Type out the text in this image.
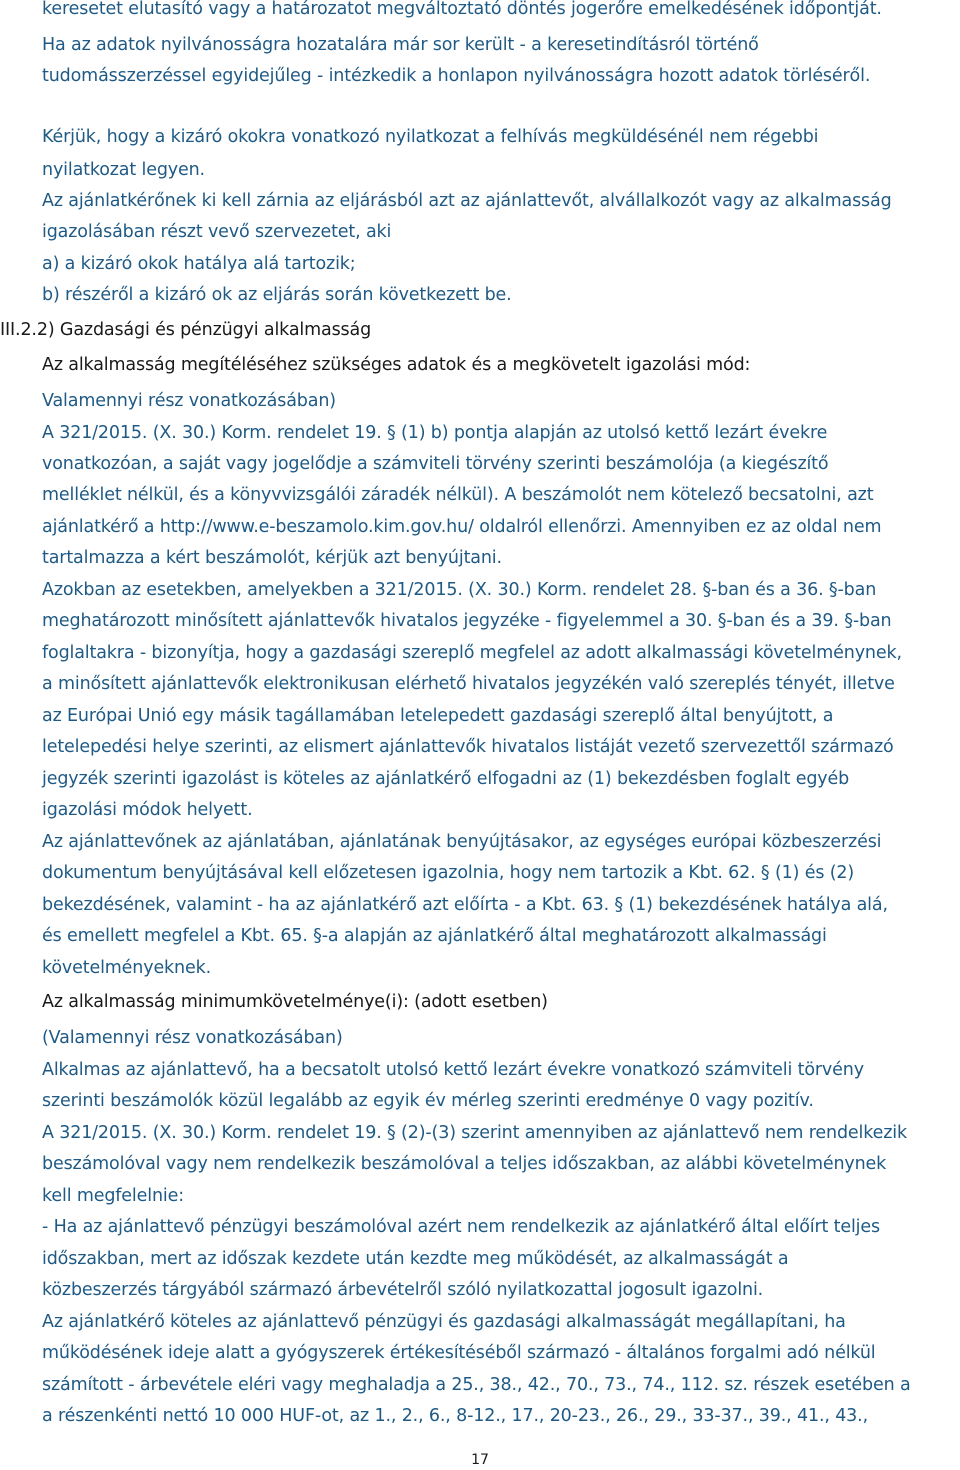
keresetet elutasító vagy a határozatot megváltoztató döntés jogerőre emelkedésének időpontját.
Ha az adatok nyilvánosságra hozatalára már sor került - a keresetindításról történő
tudomásszerzéssel egyidejűleg - intézkedik a honlapon nyilvánosságra hozott adatok törléséről.
Kérjük, hogy a kizáró okokra vonatkozó nyilatkozat a felhívás megküldésénél nem régebbi
nyilatkozat legyen.
Az ajánlatkérőnek ki kell zárnia az eljárásból azt az ajánlattevőt, alvállalkozót vagy az alkalmasság
igazolásában részt vevő szervezetet, aki
a) a kizáró okok hatálya alá tartozik;
b) részéről a kizáró ok az eljárás során következett be.
III.2.2) Gazdasági és pénzügyi alkalmasság
Az alkalmasság megítéléséhez szükséges adatok és a megkövetelt igazolási mód:
Valamennyi rész vonatkozásában)
A 321/2015. (X. 30.) Korm. rendelet 19. § (1) b) pontja alapján az utolsó kettő lezárt évekre
vonatkozóan, a saját vagy jogelődje a számviteli törvény szerinti beszámolója (a kiegészítő
melléklet nélkül, és a könyvvizsgálói záradék nélkül). A beszámolót nem kötelező becsatolni, azt
ajánlatkérő a http://www.e-beszamolo.kim.gov.hu/ oldalról ellenőrzi. Amennyiben ez az oldal nem
tartalmazza a kért beszámolót, kérjük azt benyújtani.
Azokban az esetekben, amelyekben a 321/2015. (X. 30.) Korm. rendelet 28. §-ban és a 36. §-ban
meghatározott minősített ajánlattevők hivatalos jegyzéke - figyelemmel a 30. §-ban és a 39. §-ban
foglaltakra - bizonyítja, hogy a gazdasági szereplő megfelel az adott alkalmassági követelménynek,
a minősített ajánlattevők elektronikusan elérhető hivatalos jegyzékén való szereplés tényét, illetve
az Európai Unió egy másik tagállamában letelepedett gazdasági szereplő által benyújtott, a
letelepedési helye szerinti, az elismert ajánlattevők hivatalos listáját vezető szervezettől származó
jegyzék szerinti igazolást is köteles az ajánlatkérő elfogadni az (1) bekezdésben foglalt egyéb
igazolási módok helyett.
Az ajánlattevőnek az ajánlatában, ajánlatának benyújtásakor, az egységes európai közbeszerzési
dokumentum benyújtásával kell előzetesen igazolnia, hogy nem tartozik a Kbt. 62. § (1) és (2)
bekezdésének, valamint - ha az ajánlatkérő azt előírta - a Kbt. 63. § (1) bekezdésének hatálya alá,
és emellett megfelel a Kbt. 65. §-a alapján az ajánlatkérő által meghatározott alkalmassági
követelményeknek.
Az alkalmasság minimumkövetelménye(i): (adott esetben)
(Valamennyi rész vonatkozásában)
Alkalmas az ajánlattevő, ha a becsatolt utolsó kettő lezárt évekre vonatkozó számviteli törvény
szerinti beszámolók közül legalább az egyik év mérleg szerinti eredménye 0 vagy pozitív.
A 321/2015. (X. 30.) Korm. rendelet 19. § (2)-(3) szerint amennyiben az ajánlattevő nem rendelkezik
beszámolóval vagy nem rendelkezik beszámolóval a teljes időszakban, az alábbi követelménynek
kell megfelelnie:
- Ha az ajánlattevő pénzügyi beszámolóval azért nem rendelkezik az ajánlatkérő által előírt teljes
időszakban, mert az időszak kezdete után kezdte meg működését, az alkalmasságát a
közbeszerzés tárgyából származó árbevételről szóló nyilatkozattal jogosult igazolni.
Az ajánlatkérő köteles az ajánlattevő pénzügyi és gazdasági alkalmasságát megállapítani, ha
működésének ideje alatt a gyógyszerek értékesítéséből származó - általános forgalmi adó nélkül
számított - árbevétele eléri vagy meghaladja a 25., 38., 42., 70., 73., 74., 112. sz. részek esetében a
a részenkénti nettó 10 000 HUF-ot, az 1., 2., 6., 8-12., 17., 20-23., 26., 29., 33-37., 39., 41., 43.,
17
